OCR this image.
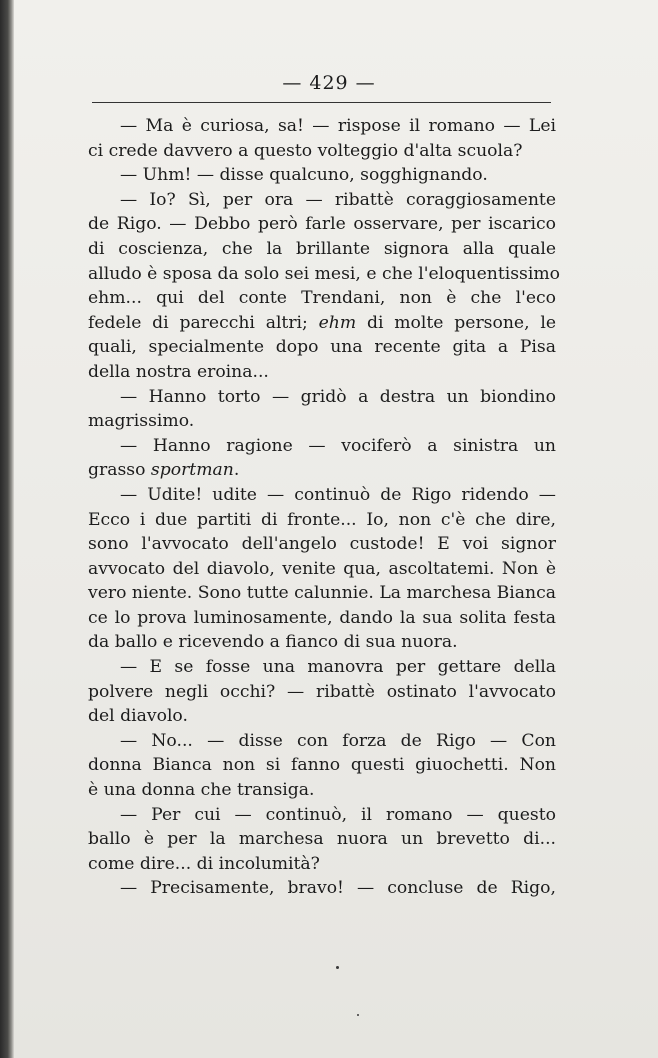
— 429 —
— Ma è curiosa, sa! — rispose il romano — Lei
ci crede davvero a questo volteggio d'alta scuola?
— Uhm! — disse qualcuno, sogghignando.
— Io? Sì, per ora — ribattè coraggiosamente
de Rigo. — Debbo però farle osservare, per iscarico
di coscienza, che la brillante signora alla quale
alludo è sposa da solo sei mesi, e che l'eloquentissimo
ehm... qui del conte Trendani, non è che l'eco
fedele di parecchi altri; ehm di molte persone, le
quali, specialmente dopo una recente gita a Pisa
della nostra eroina...
— Hanno torto — gridò a destra un biondino
magrissimo.
— Hanno ragione — vociferò a sinistra un
grasso sportman.
— Udite! udite — continuò de Rigo ridendo —
Ecco i due partiti di fronte... Io, non c'è che dire,
sono l'avvocato dell'angelo custode! E voi signor
avvocato del diavolo, venite qua, ascoltatemi. Non è
vero niente. Sono tutte calunnie. La marchesa Bianca
ce lo prova luminosamente, dando la sua solita festa
da ballo e ricevendo a fianco di sua nuora.
— E se fosse una manovra per gettare della
polvere negli occhi? — ribattè ostinato l'avvocato
del diavolo.
— No... — disse con forza de Rigo — Con
donna Bianca non si fanno questi giuochetti. Non
è una donna che transiga.
— Per cui — continuò, il romano — questo
ballo è per la marchesa nuora un brevetto di...
come dire... di incolumità?
— Precisamente, bravo! — concluse de Rigo,
